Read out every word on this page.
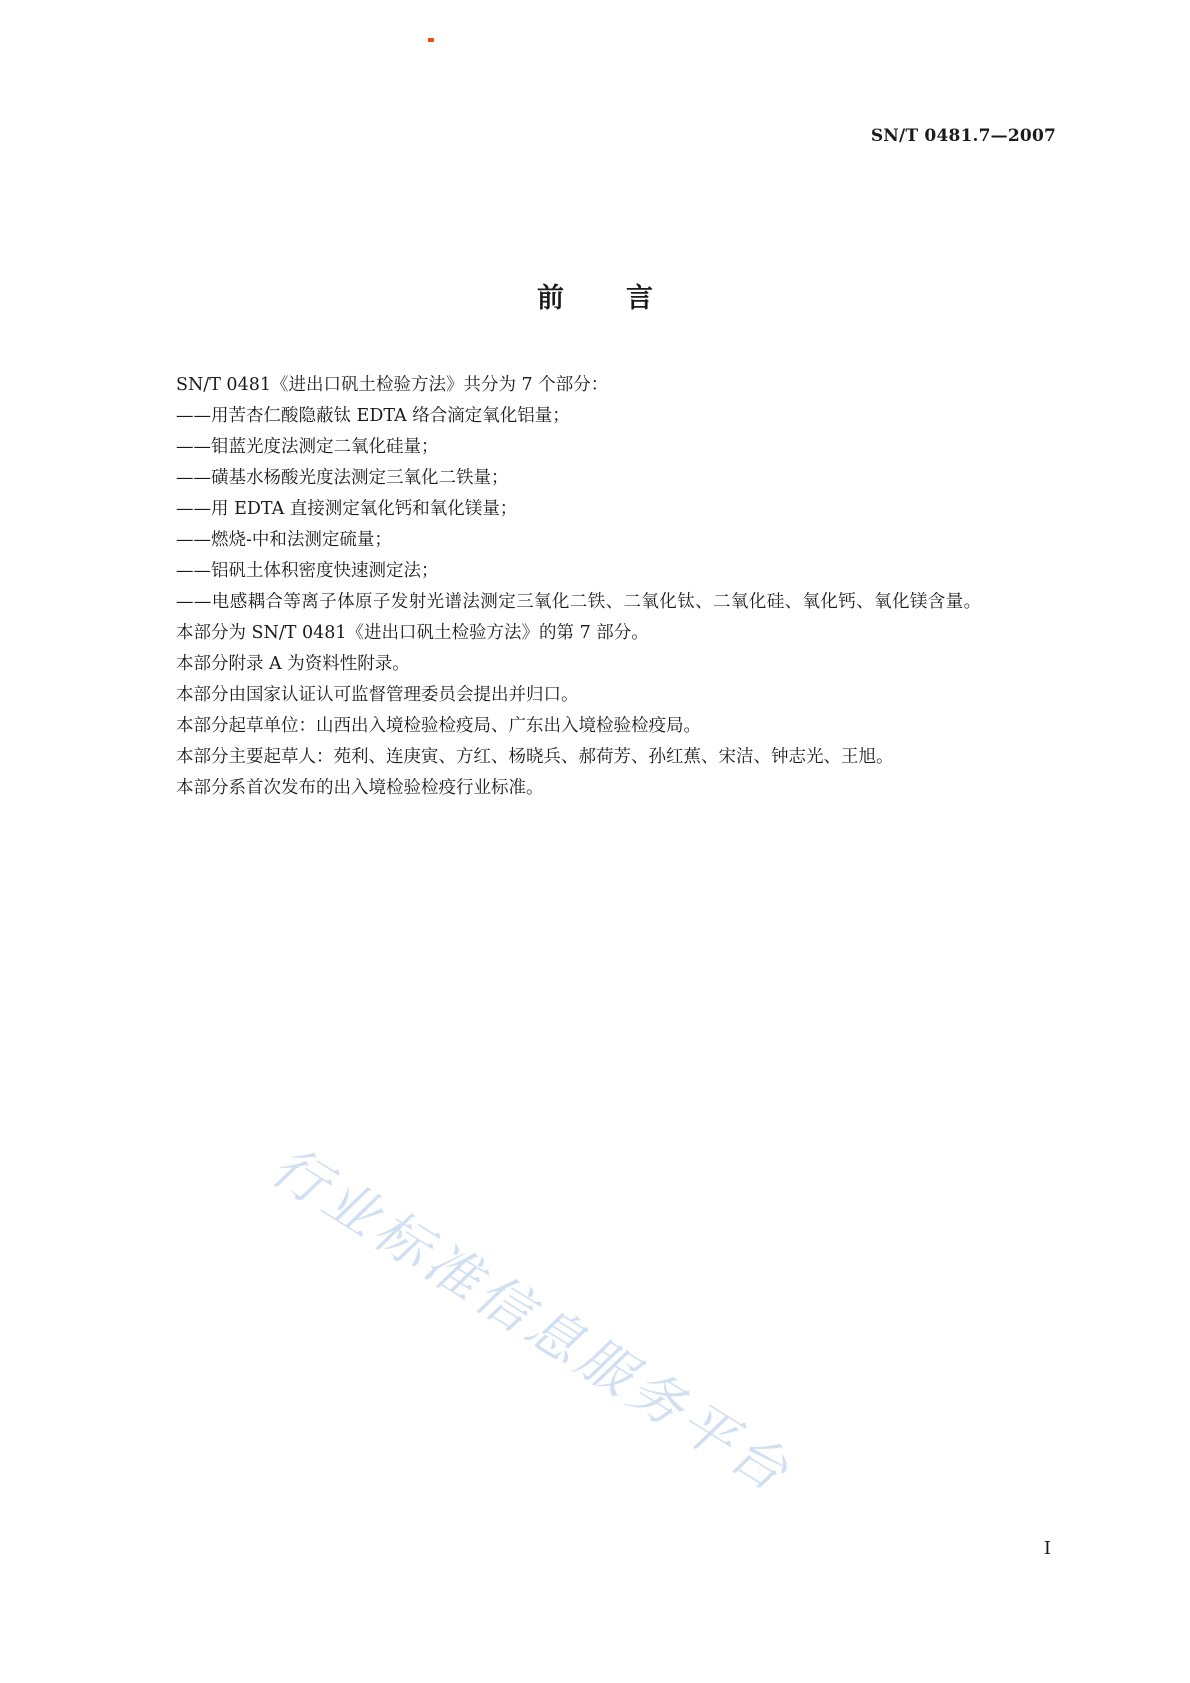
SN/T 0481.7—2007
前言
SN/T 0481《进出口矾土检验方法》共分为 7 个部分：
——用苦杏仁酸隐蔽钛 EDTA 络合滴定氧化铝量；
——钼蓝光度法测定二氧化硅量；
——磺基水杨酸光度法测定三氧化二铁量；
——用 EDTA 直接测定氧化钙和氧化镁量；
——燃烧-中和法测定硫量；
——铝矾土体积密度快速测定法；
——电感耦合等离子体原子发射光谱法测定三氧化二铁、二氧化钛、二氧化硅、氧化钙、氧化镁含量。
本部分为 SN/T 0481《进出口矾土检验方法》的第 7 部分。
本部分附录 A 为资料性附录。
本部分由国家认证认可监督管理委员会提出并归口。
本部分起草单位：山西出入境检验检疫局、广东出入境检验检疫局。
本部分主要起草人：苑利、连庚寅、方红、杨晓兵、郝荷芳、孙红蕉、宋洁、钟志光、王旭。
本部分系首次发布的出入境检验检疫行业标准。
行业标准信息服务平台
I
